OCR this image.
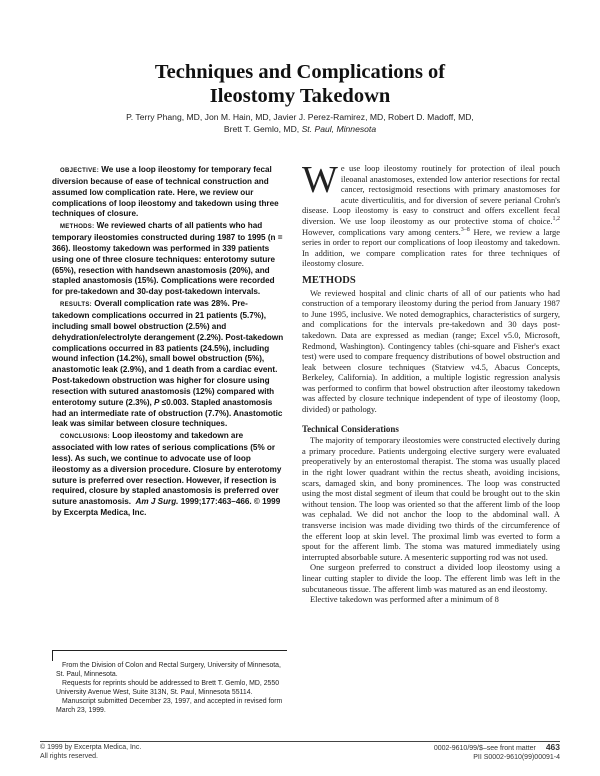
Techniques and Complications of
Ileostomy Takedown
P. Terry Phang, MD, Jon M. Hain, MD, Javier J. Perez-Ramirez, MD, Robert D. Madoff, MD,
Brett T. Gemlo, MD, St. Paul, Minnesota

OBJECTIVE: We use a loop ileostomy for temporary fecal diversion because of ease of technical construction and assumed low complication rate. Here, we review our complications of loop ileostomy and takedown using three techniques of closure.

METHODS: We reviewed charts of all patients who had temporary ileostomies constructed during 1987 to 1995 (n = 366). Ileostomy takedown was performed in 339 patients using one of three closure techniques: enterotomy suture (65%), resection with handsewn anastomosis (20%), and stapled anastomosis (15%). Complications were recorded for pre-takedown and 30-day post-takedown intervals.

RESULTS: Overall complication rate was 28%. Pre-takedown complications occurred in 21 patients (5.7%), including small bowel obstruction (2.5%) and dehydration/electrolyte derangement (2.2%). Post-takedown complications occurred in 83 patients (24.5%), including wound infection (14.2%), small bowel obstruction (5%), anastomotic leak (2.9%), and 1 death from a cardiac event. Post-takedown obstruction was higher for closure using resection with sutured anastomosis (12%) compared with enterotomy suture (2.3%), P ≤0.003. Stapled anastomosis had an intermediate rate of obstruction (7.7%). Anastomotic leak was similar between closure techniques.

CONCLUSIONS: Loop ileostomy and takedown are associated with low rates of serious complications (5% or less). As such, we continue to advocate use of loop ileostomy as a diversion procedure. Closure by enterotomy suture is preferred over resection. However, if resection is required, closure by stapled anastomosis is preferred over suture anastomosis. Am J Surg. 1999;177:463–466. © 1999 by Excerpta Medica, Inc.

From the Division of Colon and Rectal Surgery, University of Minnesota, St. Paul, Minnesota.

Requests for reprints should be addressed to Brett T. Gemlo, MD, 2550 University Avenue West, Suite 313N, St. Paul, Minnesota 55114.

Manuscript submitted December 23, 1997, and accepted in revised form March 23, 1999.

We use loop ileostomy routinely for protection of ileal pouch ileoanal anastomoses, extended low anterior resections for rectal cancer, rectosigmoid resections with primary anastomoses for acute diverticulitis, and for diversion of severe perianal Crohn's disease. Loop ileostomy is easy to construct and offers excellent fecal diversion. We use loop ileostomy as our protective stoma of choice.$^{1,2}$ However, complications vary among centers.$^{3-8}$ Here, we review a large series in order to report our complications of loop ileostomy and takedown. In addition, we compare complication rates for three techniques of ileostomy closure.

METHODS

We reviewed hospital and clinic charts of all of our patients who had construction of a temporary ileostomy during the period from January 1987 to June 1995, inclusive. We noted demographics, characteristics of surgery, and complications for the intervals pre-takedown and 30 days post-takedown. Data are expressed as median (range; Excel v5.0, Microsoft, Redmond, Washington). Contingency tables (chi-square and Fisher's exact test) were used to compare frequency distributions of bowel obstruction and leak between closure techniques (Statview v4.5, Abacus Concepts, Berkeley, California). In addition, a multiple logistic regression analysis was performed to confirm that bowel obstruction after ileostomy takedown was affected by closure technique independent of type of ileostomy (loop, divided) or pathology.

Technical Considerations

The majority of temporary ileostomies were constructed electively during a primary procedure. Patients undergoing elective surgery were evaluated preoperatively by an enterostomal therapist. The stoma was usually placed in the right lower quadrant within the rectus sheath, avoiding incisions, scars, damaged skin, and bony prominences. The loop was constructed using the most distal segment of ileum that could be brought out to the skin without tension. The loop was oriented so that the afferent limb of the loop was cephalad. We did not anchor the loop to the abdominal wall. A transverse incision was made dividing two thirds of the circumference of the efferent loop at skin level. The proximal limb was everted to form a spout for the afferent limb. The stoma was matured immediately using interrupted absorbable suture. A mesenteric supporting rod was not used.

One surgeon preferred to construct a divided loop ileostomy using a linear cutting stapler to divide the loop. The efferent limb was left in the subcutaneous tissue. The afferent limb was matured as an end ileostomy.

Elective takedown was performed after a minimum of 8

© 1999 by Excerpta Medica, Inc.
All rights reserved.
0002-9610/99/$–see front matter 463
PII S0002-9610(99)00091-4
